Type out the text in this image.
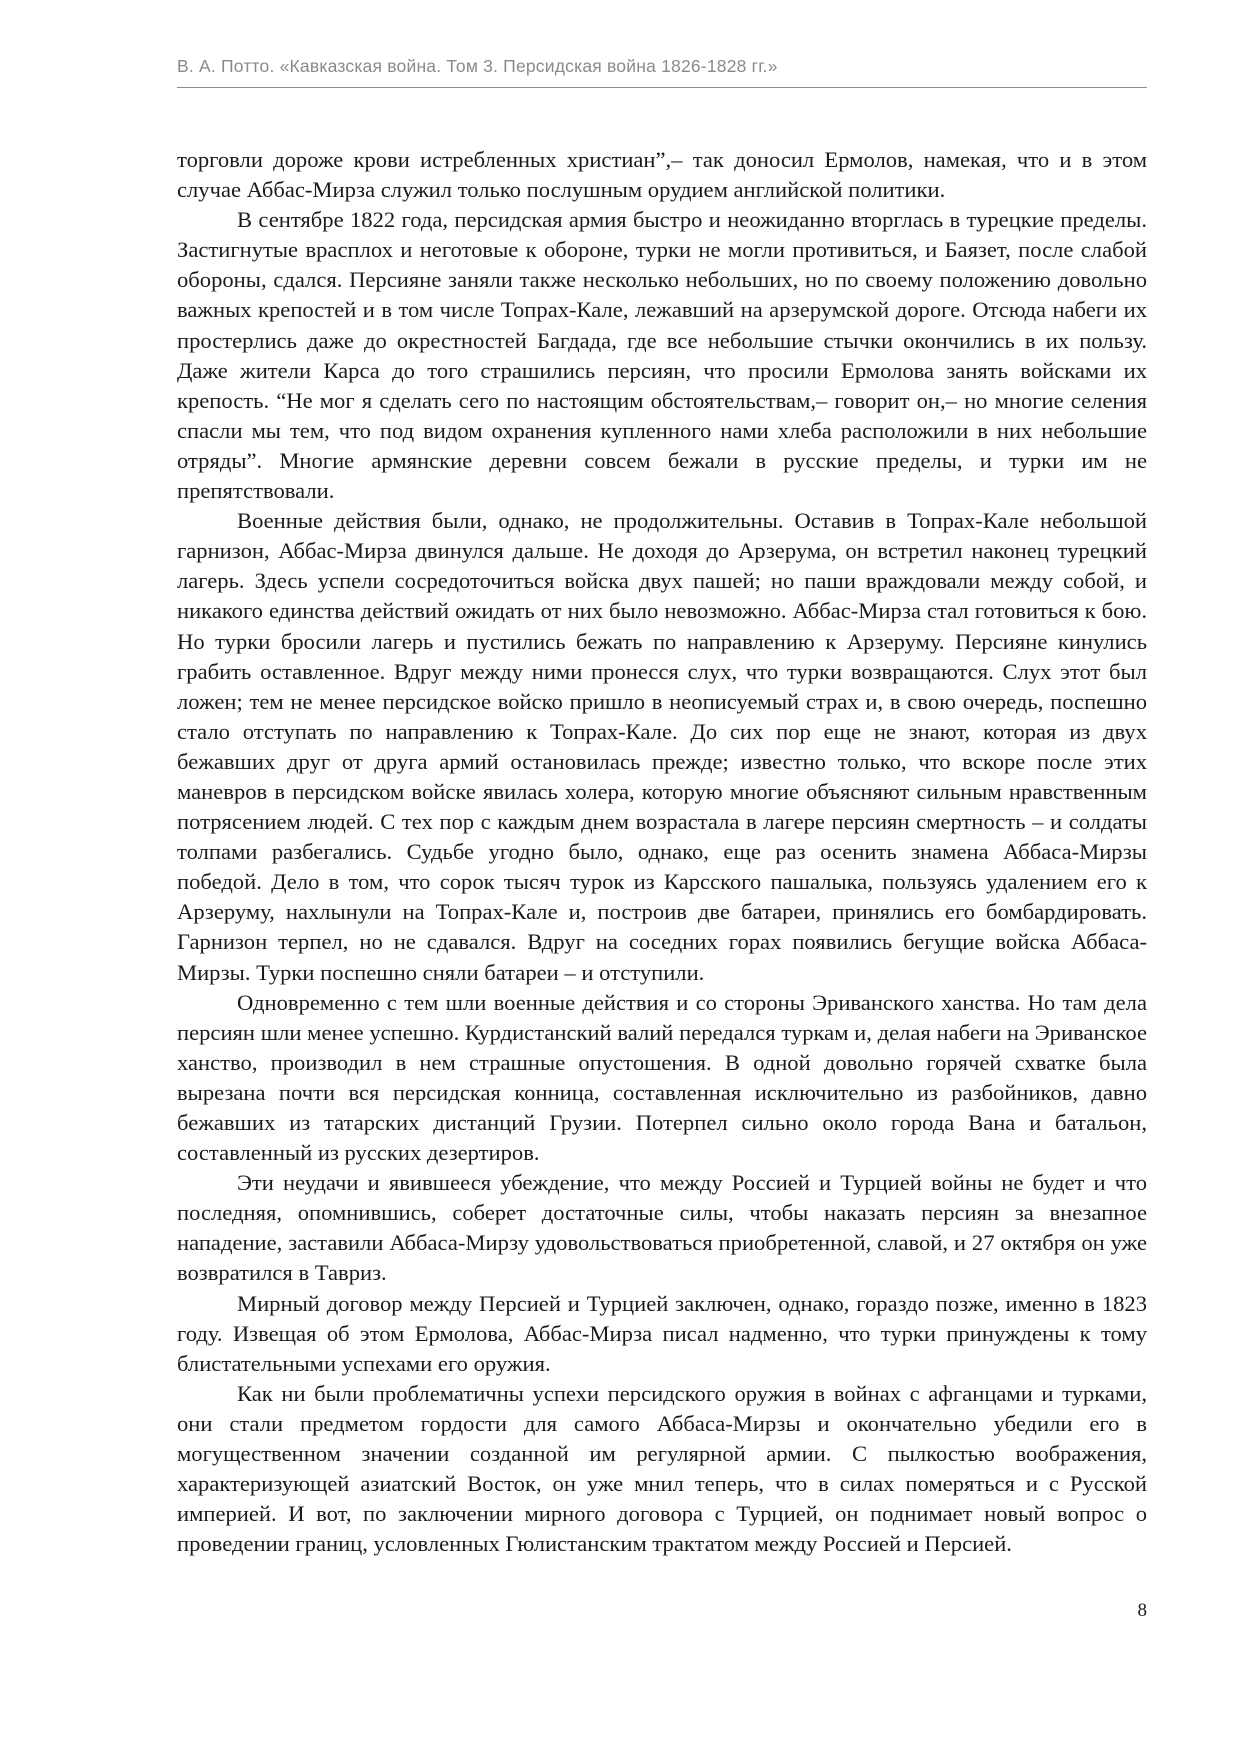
В. А. Потто. «Кавказская война. Том 3. Персидская война 1826-1828 гг.»

торговли дороже крови истребленных христиан”,– так доносил Ермолов, намекая, что и в этом случае Аббас-Мирза служил только послушным орудием английской политики.

В сентябре 1822 года, персидская армия быстро и неожиданно вторглась в турецкие пределы. Застигнутые врасплох и неготовые к обороне, турки не могли противиться, и Баязет, после слабой обороны, сдался. Персияне заняли также несколько небольших, но по своему положению довольно важных крепостей и в том числе Топрах-Кале, лежавший на арзерумской дороге. Отсюда набеги их простерлись даже до окрестностей Багдада, где все небольшие стычки окончились в их пользу. Даже жители Карса до того страшились персиян, что просили Ермолова занять войсками их крепость. “Не мог я сделать сего по настоящим обстоятельствам,– говорит он,– но многие селения спасли мы тем, что под видом охранения купленного нами хлеба расположили в них небольшие отряды”. Многие армянские деревни совсем бежали в русские пределы, и турки им не препятствовали.

Военные действия были, однако, не продолжительны. Оставив в Топрах-Кале небольшой гарнизон, Аббас-Мирза двинулся дальше. Не доходя до Арзерума, он встретил наконец турецкий лагерь. Здесь успели сосредоточиться войска двух пашей; но паши враждовали между собой, и никакого единства действий ожидать от них было невозможно. Аббас-Мирза стал готовиться к бою. Но турки бросили лагерь и пустились бежать по направлению к Арзеруму. Персияне кинулись грабить оставленное. Вдруг между ними пронесся слух, что турки возвращаются. Слух этот был ложен; тем не менее персидское войско пришло в неописуемый страх и, в свою очередь, поспешно стало отступать по направлению к Топрах-Кале. До сих пор еще не знают, которая из двух бежавших друг от друга армий остановилась прежде; известно только, что вскоре после этих маневров в персидском войске явилась холера, которую многие объясняют сильным нравственным потрясением людей. С тех пор с каждым днем возрастала в лагере персиян смертность – и солдаты толпами разбегались. Судьбе угодно было, однако, еще раз осенить знамена Аббаса-Мирзы победой. Дело в том, что сорок тысяч турок из Карсского пашалыка, пользуясь удалением его к Арзеруму, нахлынули на Топрах-Кале и, построив две батареи, принялись его бомбардировать. Гарнизон терпел, но не сдавался. Вдруг на соседних горах появились бегущие войска Аббаса-Мирзы. Турки поспешно сняли батареи – и отступили.

Одновременно с тем шли военные действия и со стороны Эриванского ханства. Но там дела персиян шли менее успешно. Курдистанский валий передался туркам и, делая набеги на Эриванское ханство, производил в нем страшные опустошения. В одной довольно горячей схватке была вырезана почти вся персидская конница, составленная исключительно из разбойников, давно бежавших из татарских дистанций Грузии. Потерпел сильно около города Вана и батальон, составленный из русских дезертиров.

Эти неудачи и явившееся убеждение, что между Россией и Турцией войны не будет и что последняя, опомнившись, соберет достаточные силы, чтобы наказать персиян за внезапное нападение, заставили Аббаса-Мирзу удовольствоваться приобретенной, славой, и 27 октября он уже возвратился в Тавриз.

Мирный договор между Персией и Турцией заключен, однако, гораздо позже, именно в 1823 году. Извещая об этом Ермолова, Аббас-Мирза писал надменно, что турки принуждены к тому блистательными успехами его оружия.

Как ни были проблематичны успехи персидского оружия в войнах с афганцами и турками, они стали предметом гордости для самого Аббаса-Мирзы и окончательно убедили его в могущественном значении созданной им регулярной армии. С пылкостью воображения, характеризующей азиатский Восток, он уже мнил теперь, что в силах померяться и с Русской империей. И вот, по заключении мирного договора с Турцией, он поднимает новый вопрос о проведении границ, условленных Гюлистанским трактатом между Россией и Персией.

8
